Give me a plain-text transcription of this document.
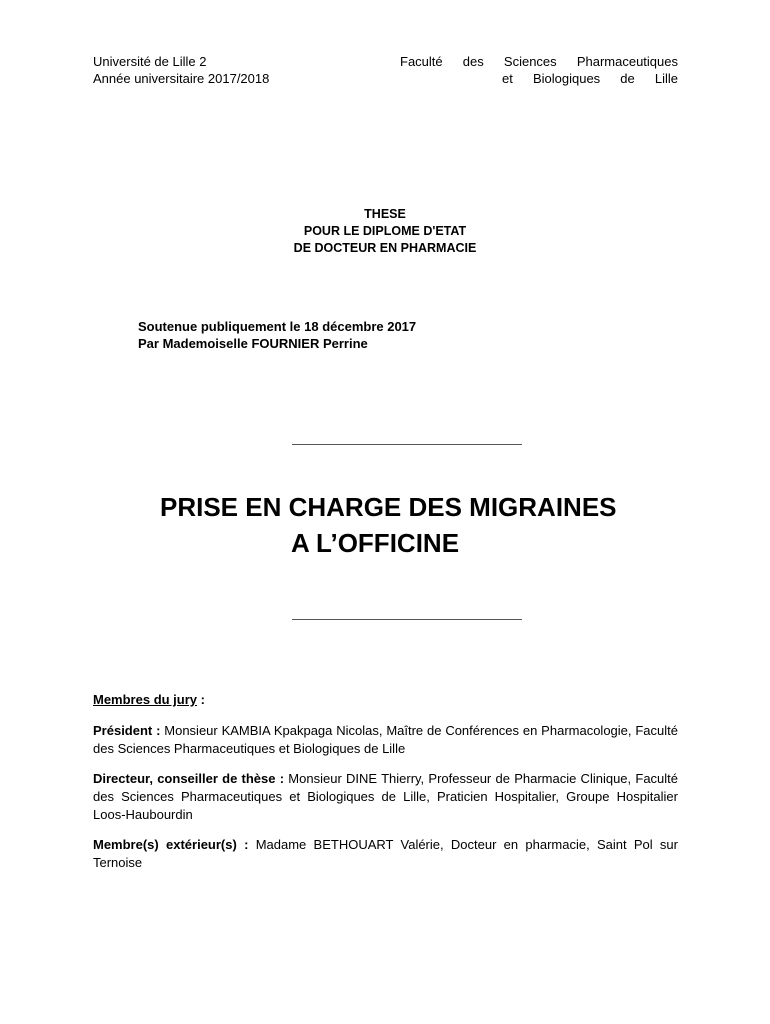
Université de Lille 2
Année universitaire 2017/2018
Faculté des Sciences Pharmaceutiques
et Biologiques de Lille
THESE
POUR LE DIPLOME D'ETAT
DE DOCTEUR EN PHARMACIE
Soutenue publiquement le 18 décembre 2017
Par Mademoiselle FOURNIER Perrine
PRISE EN CHARGE DES MIGRAINES
A L’OFFICINE
Membres du jury :
Président : Monsieur KAMBIA Kpakpaga Nicolas, Maître de Conférences en Pharmacologie, Faculté des Sciences Pharmaceutiques et Biologiques de Lille
Directeur, conseiller de thèse : Monsieur DINE Thierry, Professeur de Pharmacie Clinique, Faculté des Sciences Pharmaceutiques et Biologiques de Lille, Praticien Hospitalier, Groupe Hospitalier Loos-Haubourdin
Membre(s) extérieur(s) : Madame BETHOUART Valérie, Docteur en pharmacie, Saint Pol sur Ternoise
